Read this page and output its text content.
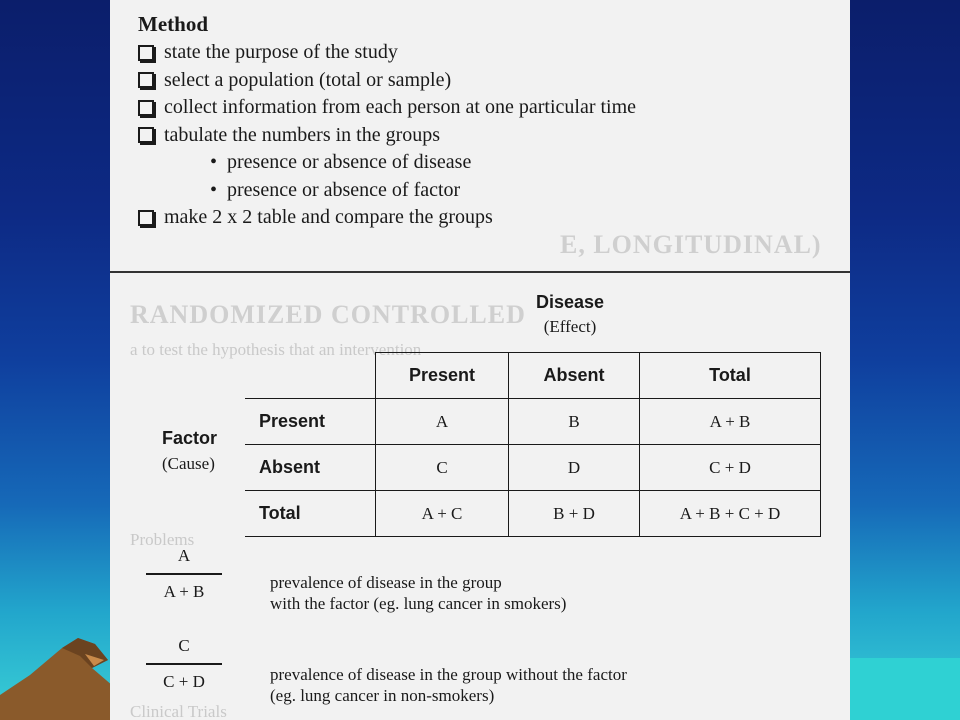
RANDOMIZED CONTROLLED
E, LONGITUDINAL)
a to test the hypothesis that an intervention
Problems
Clinical Trials
Method
state the purpose of the study
select a population (total or sample)
collect information from each person at one particular time
tabulate the numbers in the groups
• presence or absence of disease
• presence or absence of factor
make 2 x 2 table and compare the groups
Disease
(Effect)
Factor
(Cause)
	Present	Absent	Total
Present	A	B	A + B
Absent	C	D	C + D
Total	A + C	B + D	A + B + C + D
A
A + B	prevalence of disease in the group
with the factor (eg. lung cancer in smokers)
C
C + D	prevalence of disease in the group without the factor
(eg. lung cancer in non-smokers)
